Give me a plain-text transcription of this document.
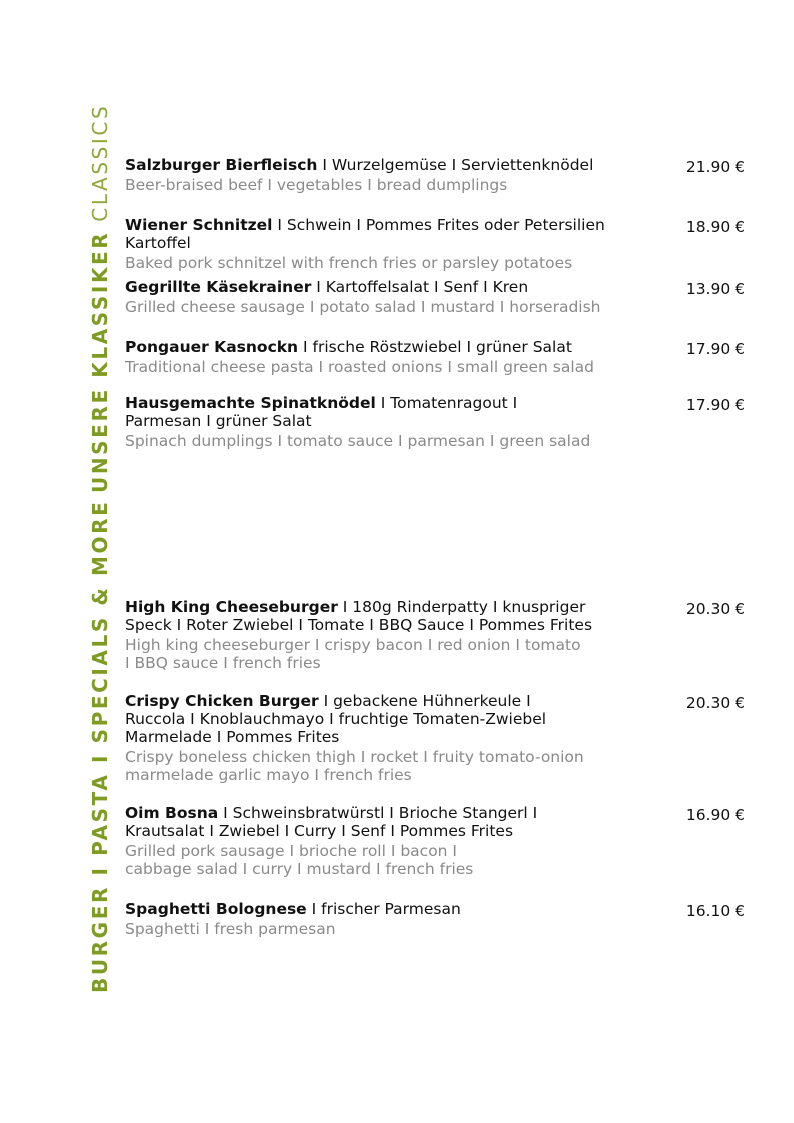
UNSERE KLASSIKER CLASSICS
BURGER I PASTA I SPECIALS & MORE
Salzburger Bierfleisch I Wurzelgemüse I Serviettenknödel
Beer-braised beef I vegetables I bread dumplings
21.90 €
Wiener Schnitzel I Schwein I Pommes Frites oder Petersilien Kartoffel
Baked pork schnitzel with french fries or parsley potatoes
18.90 €
Gegrillte Käsekrainer I Kartoffelsalat I Senf I Kren
Grilled cheese sausage I potato salad I mustard I horseradish
13.90 €
Pongauer Kasnockn I frische Röstzwiebel I grüner Salat
Traditional cheese pasta I roasted onions I small green salad
17.90 €
Hausgemachte Spinatknödel I Tomatenragout I Parmesan I grüner Salat
Spinach dumplings I tomato sauce I parmesan I green salad
17.90 €
High King Cheeseburger I 180g Rinderpatty I knuspriger Speck I Roter Zwiebel I Tomate I BBQ Sauce I Pommes Frites
High king cheeseburger I crispy bacon I red onion I tomato I BBQ sauce I french fries
20.30 €
Crispy Chicken Burger I gebackene Hühnerkeule I Ruccola I Knoblauchmayo I fruchtige Tomaten-Zwiebel Marmelade I Pommes Frites
Crispy boneless chicken thigh I rocket I fruity tomato-onion marmelade garlic mayo I french fries
20.30 €
Oim Bosna I Schweinsbratwürstl I Brioche Stangerl I Krautsalat I Zwiebel I Curry I Senf I Pommes Frites
Grilled pork sausage I brioche roll I bacon I cabbage salad I curry I mustard I french fries
16.90 €
Spaghetti Bolognese I frischer Parmesan
Spaghetti I fresh parmesan
16.10 €
